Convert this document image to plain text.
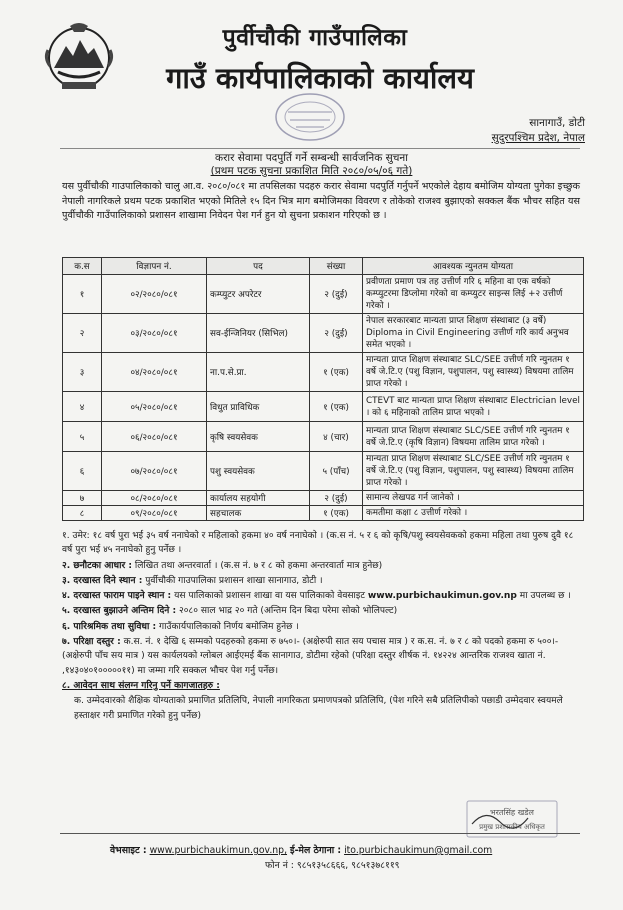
पुर्वीचौकी गाउँपालिका
गाउँ कार्यपालिकाको कार्यालय
सानागाउँ, डोटी
सुदुरपश्चिम प्रदेश, नेपाल
करार सेवामा पदपुर्ति गर्ने सम्बन्धी सार्वजनिक सुचना
(प्रथम पटक सुचना प्रकाशित मिति २०८०/०५/०६ गते)
यस पुर्वीचौकी गाउपालिकाको चालु आ.व. २०८०/०८१ मा तपसिलका पदहरु करार सेवामा पदपुर्ति गर्नुपर्ने भएकोले देहाय बमोजिम योग्यता पुगेका इच्छुक नेपाली नागरिकले प्रथम पटक प्रकाशित भएको मितिले १५ दिन भित्र माग बमोजिमका विवरण र तोकेको राजश्व बुझाएको सक्कल बैंक भौचर सहित यस पुर्वीचौकी गाउँपालिकाको प्रशासन शाखामा निवेदन पेश गर्न हुन यो सुचना प्रकाशन गरिएको छ ।
क.स	विज्ञापन नं.	पद	संख्या	आवश्यक न्युनतम योग्यता
१	०२/२०८०/०८१	कम्प्युटर अपरेटर	२ (दुई)	प्रवीणता प्रमाण पत्र तह उत्तीर्ण गरि ६ महिना वा एक वर्षको कम्प्युटरमा डिप्लोमा गरेको वा कम्प्युटर साइन्स लिई +२ उत्तीर्ण गरेको ।
२	०३/२०८०/०८१	सव-ईन्जिनियर (सिभिल)	२ (दुई)	नेपाल सरकारबाट मान्यता प्राप्त शिक्षण संस्थाबाट (३ वर्षे) Diploma in Civil Engineering उत्तीर्ण गरि कार्य अनुभव समेत भएको ।
३	०४/२०८०/०८१	ना.प.से.प्रा.	१ (एक)	मान्यता प्राप्त शिक्षण संस्थाबाट SLC/SEE उत्तीर्ण गरि न्युनतम १ वर्षे जे.टि.ए (पशु विज्ञान, पशुपालन, पशु स्वास्थ्य) विषयमा तालिम प्राप्त गरेको ।
४	०५/२०८०/०८१	विधुत प्राविधिक	१ (एक)	CTEVT बाट मान्यता प्राप्त शिक्षण संस्थाबाट Electrician level । को ६ महिनाको तालिम प्राप्त भएको ।
५	०६/२०८०/०८१	कृषि स्वयसेवक	४ (चार)	मान्यता प्राप्त शिक्षण संस्थाबाट SLC/SEE उत्तीर्ण गरि न्युनतम १ वर्षे जे.टि.ए (कृषि विज्ञान) विषयमा तालिम प्राप्त गरेको ।
६	०७/२०८०/०८१	पशु स्वयसेवक	५ (पाँच)	मान्यता प्राप्त शिक्षण संस्थाबाट SLC/SEE उत्तीर्ण गरि न्युनतम १ वर्षे जे.टि.ए (पशु विज्ञान, पशुपालन, पशु स्वास्थ्य) विषयमा तालिम प्राप्त गरेको ।
७	०८/२०८०/०८१	कार्यालय सहयोगी	२ (दुई)	सामान्य लेखपढ गर्न जानेको ।
८	०९/२०८०/०८१	सहचालक	१ (एक)	कमतीमा कक्षा ८ उत्तीर्ण गरेको ।
१. उमेर: १८ वर्ष पुरा भई ३५ वर्ष ननाघेको र महिलाको हकमा ४० वर्ष ननाघेको । (क.स नं. ५ र ६ को कृषि/पशु स्वयसेवकको हकमा महिला तथा पुरुष दुवै १८ वर्ष पुरा भई ४५ ननाघेको हुनु पर्नेछ ।
२. छनौटका आधार : लिखित तथा अन्तरवार्ता । (क.स नं. ७ र ८ को हकमा अन्तरवार्ता मात्र हुनेछ)
३. दरखास्त दिने स्थान : पुर्वीचौकी गाउपालिका प्रशासन शाखा सानागाउ, डोटी ।
४. दरखास्त फाराम पाइने स्थान : यस पालिकाको प्रशासन शाखा वा यस पालिकाको वेवसाइट www.purbichaukimun.gov.np मा उपलब्ध छ ।
५. दरखास्त बुझाउने अन्तिम दिने : २०८० साल भाद्र २० गते (अन्तिम दिन बिदा परेमा सोको भोलिपल्ट)
६. पारिश्रमिक तथा सुविधा : गाउँकार्यपालिकाको निर्णय बमोजिम हुनेछ ।
७. परिक्षा दस्तुर : क.स. नं. १ देखि ६ सम्मको पदहरुको हकमा रु ७५०।- (अक्षेरुपी सात सय पचास मात्र ) र क.स. नं. ७ र ८ को पदको हकमा रु ५००।- (अक्षेरुपी पाँच सय मात्र ) यस कार्यलयको ग्लोबल आईएमई बैंक सानागाउ, डोटीमा रहेको (परिक्षा दस्तुर शीर्षक नं. १४२२४ आन्तरिक राजश्व खाता नं. ,१४३०४०१०००००११) मा जम्मा गरि सक्कल भौचर पेश गर्नु पर्नेछ।
८. आवेदन साथ संलग्न गरिनु पर्ने कागजातहरु :
क. उम्मेदवारको शैक्षिक योग्यताको प्रमाणित प्रतिलिपि, नेपाली नागरिकता प्रमाणपत्रको प्रतिलिपि, (पेश गरिने सबै प्रतिलिपीको पछाडी उम्मेदवार स्वयमले हस्ताक्षर गरी प्रमाणित गरेको हुनु पर्नेछ)
भरतसिंह खडेल
प्रमुख प्रशासकीय अधिकृत
वेभसाइट : www.purbichaukimun.gov.np, ई-मेल ठेगाना : ito.purbichaukimun@gmail.com
फोन नं : ९८५१३५८६६६, ९८५१३७८११९
